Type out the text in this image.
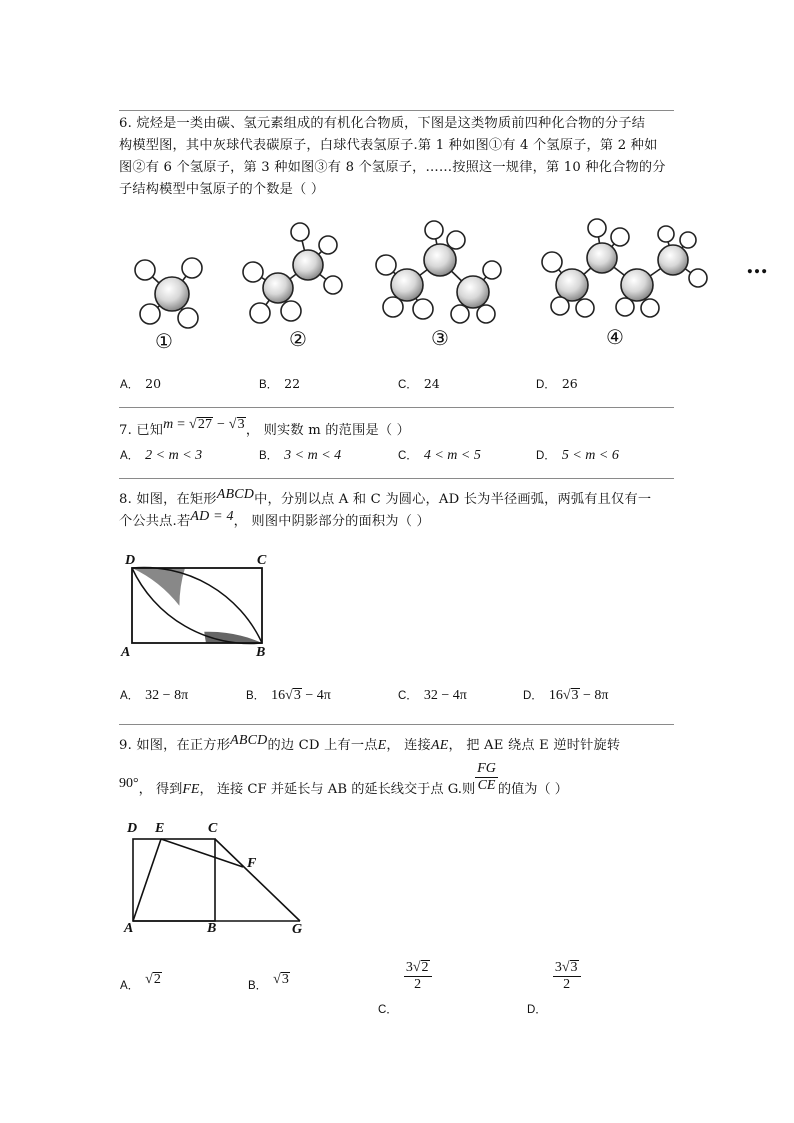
6. 烷烃是一类由碳、氢元素组成的有机化合物质，下图是这类物质前四种化合物的分子结
构模型图，其中灰球代表碳原子，白球代表氢原子.第 1 种如图①有 4 个氢原子，第 2 种如
图②有 6 个氢原子，第 3 种如图③有 8 个氢原子，……按照这一规律，第 10 种化合物的分
子结构模型中氢原子的个数是（ ）
①	②	③	④
…
A． 20	B． 22	C． 24	D． 26
7. 已知m = √27 − √3， 则实数 m 的范围是（ ）
A． 2 < m < 3	B． 3 < m < 4	C． 4 < m < 5	D． 5 < m < 6
8. 如图，在矩形ABCD中，分别以点 A 和 C 为圆心，AD 长为半径画弧，两弧有且仅有一
个公共点.若AD = 4， 则图中阴影部分的面积为（ ）
D	C
A	B
A． 32 − 8π	B． 16√3 − 4π	C． 32 − 4π	D． 16√3 − 8π
9. 如图，在正方形ABCD的边 CD 上有一点E， 连接AE， 把 AE 绕点 E 逆时针旋转
90°， 得到FE， 连接 CF 并延长与 AB 的延长线交于点 G.则 $\frac{FG}{CE}$ 的值为（ ）
D E	C
F
A	B	G
A． √2	B． √3
C．
$\frac{3√2}{2}$
D．
$\frac{3√3}{2}$
